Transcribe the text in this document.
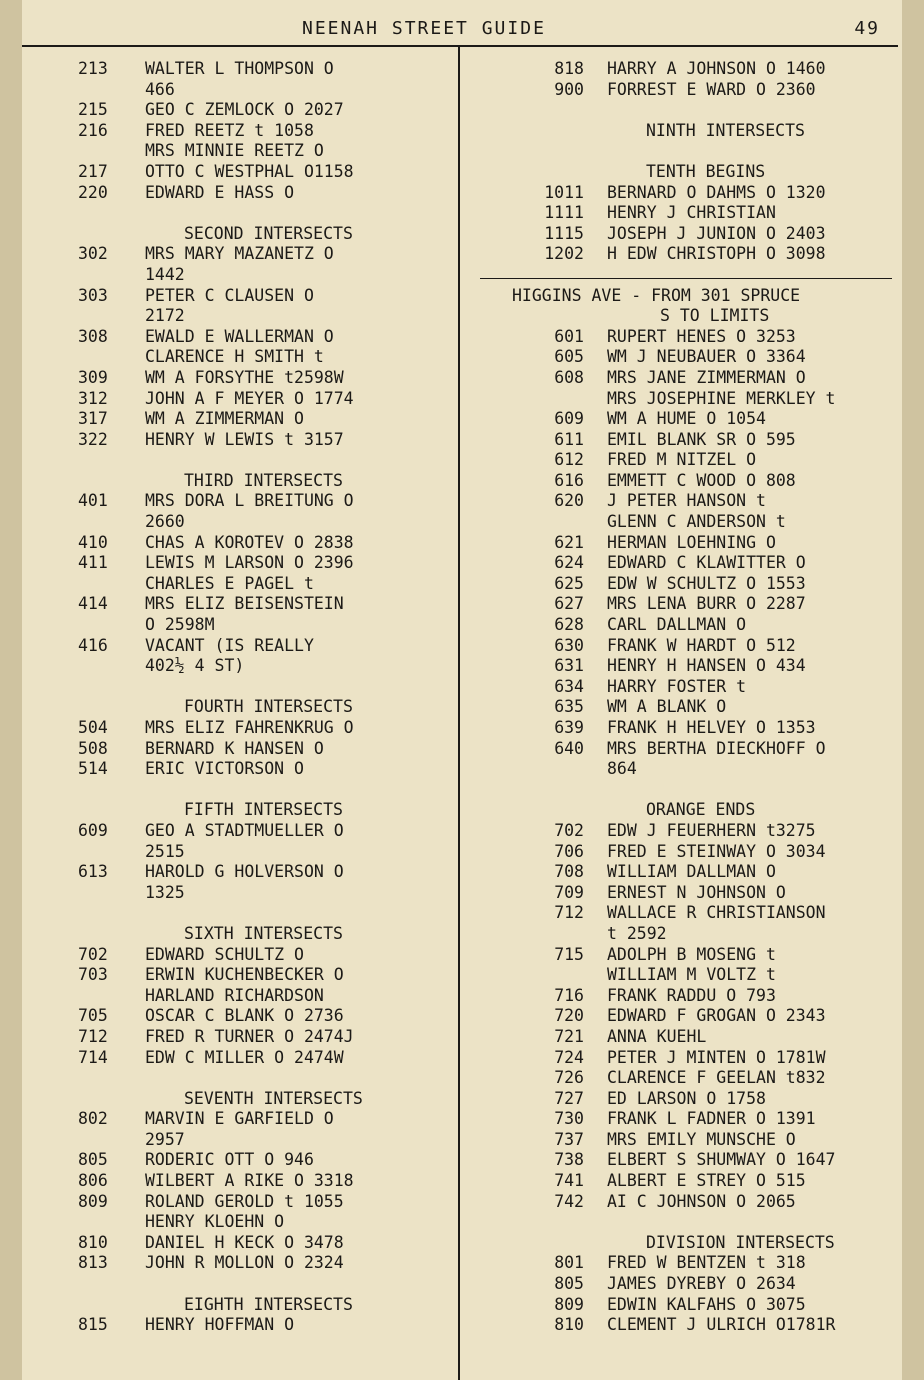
NEENAH STREET GUIDE	49
213	WALTER L THOMPSON O
466
215	GEO C ZEMLOCK O 2027
216	FRED REETZ t 1058
MRS MINNIE REETZ O
217	OTTO C WESTPHAL O1158
220	EDWARD E HASS O
SECOND INTERSECTS
302	MRS MARY MAZANETZ O
1442
303	PETER C CLAUSEN O
2172
308	EWALD E WALLERMAN O
CLARENCE H SMITH t
309	WM A FORSYTHE t2598W
312	JOHN A F MEYER O 1774
317	WM A ZIMMERMAN O
322	HENRY W LEWIS t 3157
THIRD INTERSECTS
401	MRS DORA L BREITUNG O
2660
410	CHAS A KOROTEV O 2838
411	LEWIS M LARSON O 2396
CHARLES E PAGEL t
414	MRS ELIZ BEISENSTEIN
O 2598M
416	VACANT (IS REALLY
402½ 4 ST)
FOURTH INTERSECTS
504	MRS ELIZ FAHRENKRUG O
508	BERNARD K HANSEN O
514	ERIC VICTORSON O
FIFTH INTERSECTS
609	GEO A STADTMUELLER O
2515
613	HAROLD G HOLVERSON O
1325
SIXTH INTERSECTS
702	EDWARD SCHULTZ O
703	ERWIN KUCHENBECKER O
HARLAND RICHARDSON
705	OSCAR C BLANK O 2736
712	FRED R TURNER O 2474J
714	EDW C MILLER O 2474W
SEVENTH INTERSECTS
802	MARVIN E GARFIELD O
2957
805	RODERIC OTT O 946
806	WILBERT A RIKE O 3318
809	ROLAND GEROLD t 1055
HENRY KLOEHN O
810	DANIEL H KECK O 3478
813	JOHN R MOLLON O 2324
EIGHTH INTERSECTS
815	HENRY HOFFMAN O
818 HARRY A JOHNSON O 1460
900 FORREST E WARD O 2360
NINTH INTERSECTS
TENTH BEGINS
1011 BERNARD O DAHMS O 1320
1111 HENRY J CHRISTIAN
1115 JOSEPH J JUNION O 2403
1202 H EDW CHRISTOPH O 3098
HIGGINS AVE - FROM 301 SPRUCE
S TO LIMITS
601 RUPERT HENES O 3253
605 WM J NEUBAUER O 3364
608 MRS JANE ZIMMERMAN O
MRS JOSEPHINE MERKLEY t
609 WM A HUME O 1054
611 EMIL BLANK SR O 595
612 FRED M NITZEL O
616 EMMETT C WOOD O 808
620 J PETER HANSON t
GLENN C ANDERSON t
621 HERMAN LOEHNING O
624 EDWARD C KLAWITTER O
625 EDW W SCHULTZ O 1553
627 MRS LENA BURR O 2287
628 CARL DALLMAN O
630 FRANK W HARDT O 512
631 HENRY H HANSEN O 434
634 HARRY FOSTER t
635 WM A BLANK O
639 FRANK H HELVEY O 1353
640 MRS BERTHA DIECKHOFF O
864
ORANGE ENDS
702 EDW J FEUERHERN t3275
706 FRED E STEINWAY O 3034
708 WILLIAM DALLMAN O
709 ERNEST N JOHNSON O
712 WALLACE R CHRISTIANSON
t 2592
715 ADOLPH B MOSENG t
WILLIAM M VOLTZ t
716 FRANK RADDU O 793
720 EDWARD F GROGAN O 2343
721 ANNA KUEHL
724 PETER J MINTEN O 1781W
726 CLARENCE F GEELAN t832
727 ED LARSON O 1758
730 FRANK L FADNER O 1391
737 MRS EMILY MUNSCHE O
738 ELBERT S SHUMWAY O 1647
741 ALBERT E STREY O 515
742 AI C JOHNSON O 2065
DIVISION INTERSECTS
801 FRED W BENTZEN t 318
805 JAMES DYREBY O 2634
809 EDWIN KALFAHS O 3075
810 CLEMENT J ULRICH O1781R
